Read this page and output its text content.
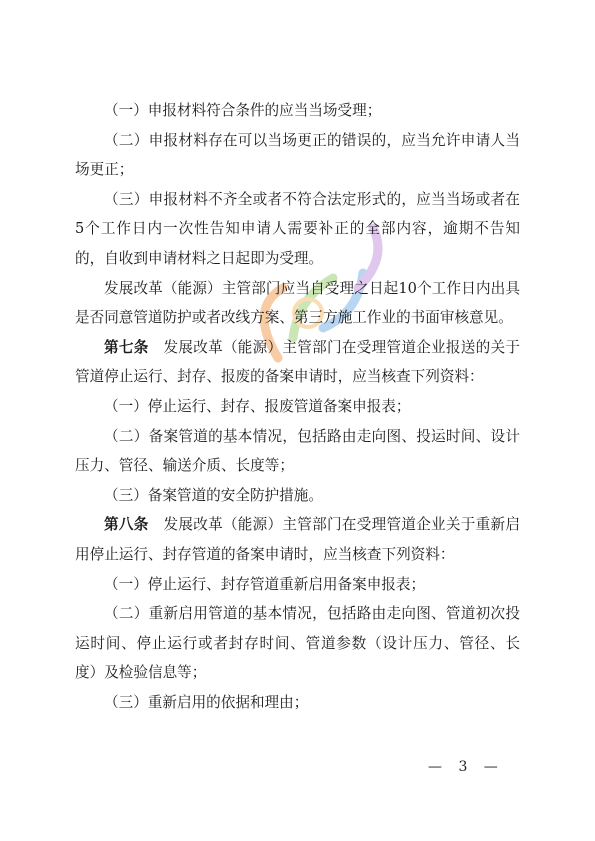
（一）申报材料符合条件的应当当场受理；

（二）申报材料存在可以当场更正的错误的，应当允许申请人当场更正；

（三）申报材料不齐全或者不符合法定形式的，应当当场或者在5个工作日内一次性告知申请人需要补正的全部内容，逾期不告知的，自收到申请材料之日起即为受理。

发展改革（能源）主管部门应当自受理之日起10个工作日内出具是否同意管道防护或者改线方案、第三方施工作业的书面审核意见。

第七条　发展改革（能源）主管部门在受理管道企业报送的关于管道停止运行、封存、报废的备案申请时，应当核查下列资料：

（一）停止运行、封存、报废管道备案申报表；

（二）备案管道的基本情况，包括路由走向图、投运时间、设计压力、管径、输送介质、长度等；

（三）备案管道的安全防护措施。

第八条　发展改革（能源）主管部门在受理管道企业关于重新启用停止运行、封存管道的备案申请时，应当核查下列资料：

（一）停止运行、封存管道重新启用备案申报表；

（二）重新启用管道的基本情况，包括路由走向图、管道初次投运时间、停止运行或者封存时间、管道参数（设计压力、管径、长度）及检验信息等；

（三）重新启用的依据和理由；

— 3 —
